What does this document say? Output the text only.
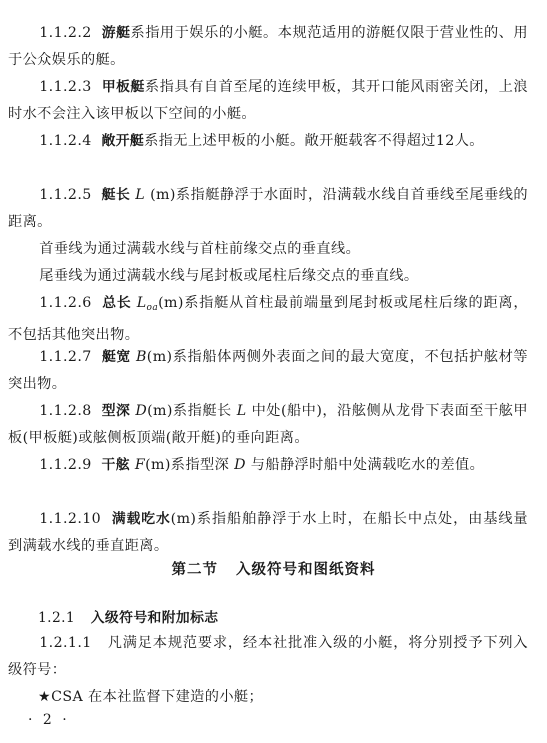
1.1.2.2 游艇系指用于娱乐的小艇。本规范适用的游艇仅限于营业性的、用于公众娱乐的艇。
1.1.2.3 甲板艇系指具有自首至尾的连续甲板，其开口能风雨密关闭，上浪时水不会注入该甲板以下空间的小艇。
1.1.2.4 敞开艇系指无上述甲板的小艇。敞开艇载客不得超过12人。
1.1.2.5 艇长 L (m)系指艇静浮于水面时，沿满载水线自首垂线至尾垂线的距离。
首垂线为通过满载水线与首柱前缘交点的垂直线。
尾垂线为通过满载水线与尾封板或尾柱后缘交点的垂直线。
1.1.2.6 总长 $L_{oa}(m)$系指艇从首柱最前端量到尾封板或尾柱后缘的距离，不包括其他突出物。
1.1.2.7 艇宽 B(m)系指船体两侧外表面之间的最大宽度，不包括护舷材等突出物。
1.1.2.8 型深 D(m)系指艇长 L 中处(船中)，沿舷侧从龙骨下表面至干舷甲板(甲板艇)或舷侧板顶端(敞开艇)的垂向距离。
1.1.2.9 干舷 F(m)系指型深 D 与船静浮时船中处满载吃水的差值。
1.1.2.10 满载吃水(m)系指船舶静浮于水上时，在船长中点处，由基线量到满载水线的垂直距离。
第二节 入级符号和图纸资料
1.2.1 入级符号和附加标志
1.2.1.1 凡满足本规范要求，经本社批准入级的小艇，将分别授予下列入级符号：
★CSA 在本社监督下建造的小艇；
· 2 ·
